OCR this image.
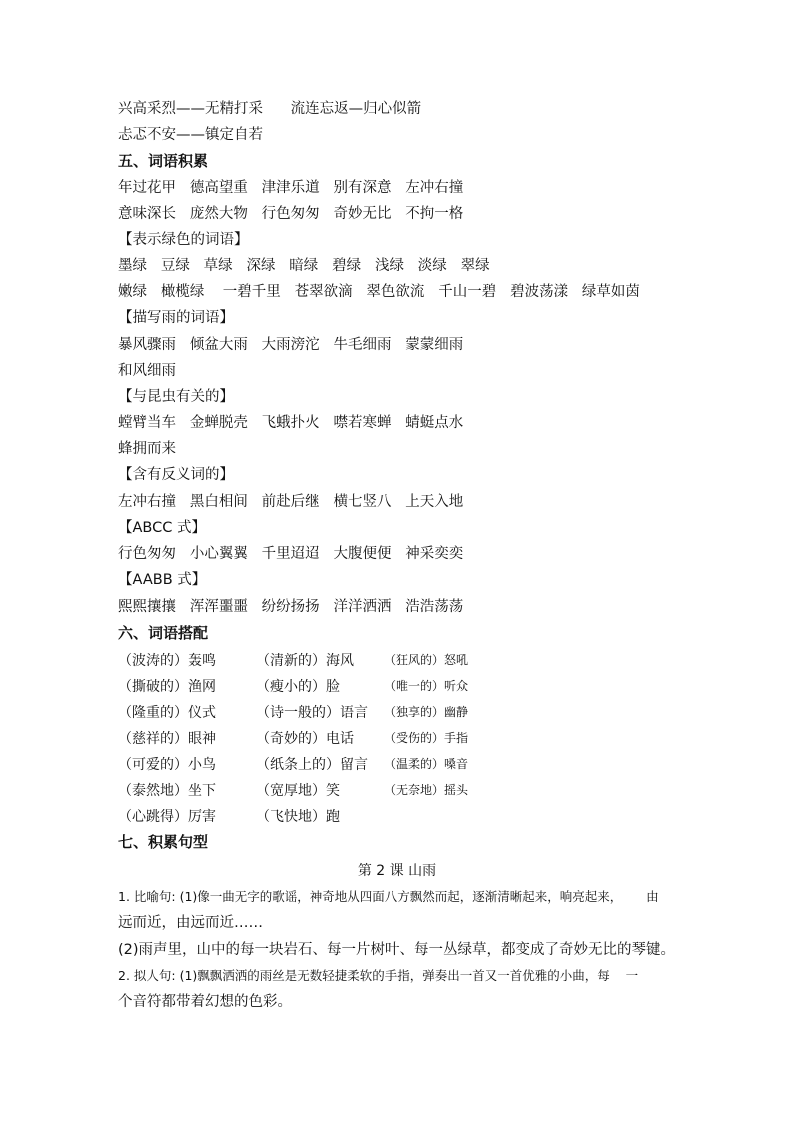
兴高采烈——无精打采      流连忘返—归心似箭
忐忑不安——镇定自若
五、词语积累
年过花甲   德高望重   津津乐道   别有深意   左冲右撞
意味深长   庞然大物   行色匆匆   奇妙无比   不拘一格
【表示绿色的词语】
墨绿   豆绿   草绿   深绿   暗绿   碧绿   浅绿   淡绿   翠绿
嫩绿   橄榄绿    一碧千里   苍翠欲滴   翠色欲流   千山一碧   碧波荡漾   绿草如茵
【描写雨的词语】
暴风骤雨   倾盆大雨   大雨滂沱   牛毛细雨   蒙蒙细雨
和风细雨
【与昆虫有关的】
螳臂当车   金蝉脱壳   飞蛾扑火   噤若寒蝉   蜻蜓点水
蜂拥而来
【含有反义词的】
左冲右撞   黑白相间   前赴后继   横七竖八   上天入地
【ABCC 式】
行色匆匆   小心翼翼   千里迢迢   大腹便便   神采奕奕
【AABB 式】
熙熙攘攘   浑浑噩噩   纷纷扬扬   洋洋洒洒   浩浩荡荡
六、词语搭配
（波涛的）轰鸣	（清新的）海风	（狂风的）怒吼
（撕破的）渔网	（瘦小的）脸	（唯一的）听众
（隆重的）仪式	（诗一般的）语言 （独享的）幽静
（慈祥的）眼神	（奇妙的）电话	（受伤的）手指
（可爱的）小鸟	（纸条上的）留言 （温柔的）嗓音
（泰然地）坐下	（宽厚地）笑	（无奈地）摇头
（心跳得）厉害	（飞快地）跑
七、积累句型
第 2 课 山雨
1. 比喻句: (1)像一曲无字的歌谣，神奇地从四面八方飘然而起，逐渐清晰起来，响亮起来，      由
远而近，由远而近……
(2)雨声里，山中的每一块岩石、每一片树叶、每一丛绿草，都变成了奇妙无比的琴键。
2. 拟人句: (1)飘飘洒洒的雨丝是无数轻捷柔软的手指，弹奏出一首又一首优雅的小曲，每    一
个音符都带着幻想的色彩。
